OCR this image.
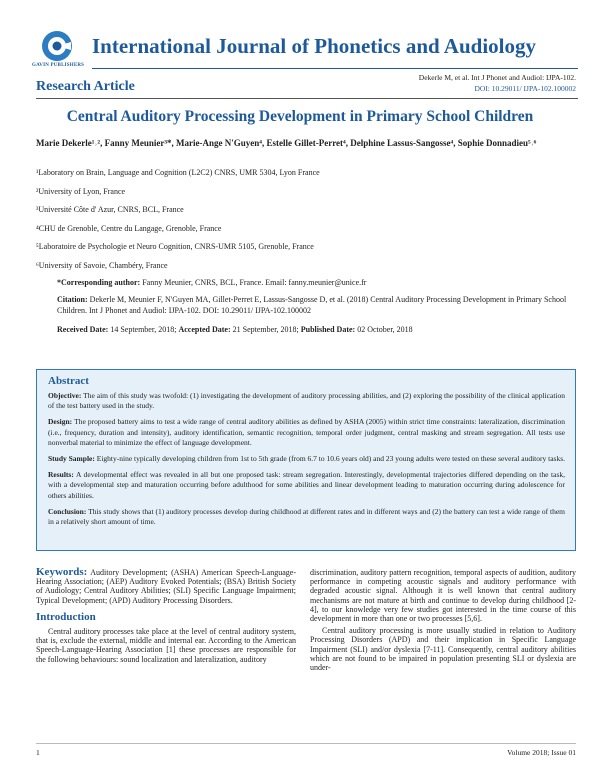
GAVIN PUBLISHERS
International Journal of Phonetics and Audiology
Research Article
Dekerle M, et al. Int J Phonet and Audiol: IJPA-102.
DOI: 10.29011/ IJPA-102.100002
Central Auditory Processing Development in Primary School Children
Marie Dekerle¹˒², Fanny Meunier³*, Marie-Ange N'Guyen⁴, Estelle Gillet-Perret⁴, Delphine Lassus-Sangosse⁴, Sophie Donnadieu⁵˒⁶
¹Laboratory on Brain, Language and Cognition (L2C2) CNRS, UMR 5304, Lyon France
²University of Lyon, France
³Université Côte d' Azur, CNRS, BCL, France
⁴CHU de Grenoble, Centre du Langage, Grenoble, France
⁵Laboratoire de Psychologie et Neuro Cognition, CNRS-UMR 5105, Grenoble, France
⁶University of Savoie, Chambéry, France
*Corresponding author: Fanny Meunier, CNRS, BCL, France. Email: fanny.meunier@unice.fr
Citation: Dekerle M, Meunier F, N'Guyen MA, Gillet-Perret E, Lassus-Sangosse D, et al. (2018) Central Auditory Processing Development in Primary School Children. Int J Phonet and Audiol: IJPA-102. DOI: 10.29011/ IJPA-102.100002
Received Date: 14 September, 2018; Accepted Date: 21 September, 2018; Published Date: 02 October, 2018
Abstract

Objective: The aim of this study was twofold: (1) investigating the development of auditory processing abilities, and (2) exploring the possibility of the clinical application of the test battery used in the study.

Design: The proposed battery aims to test a wide range of central auditory abilities as defined by ASHA (2005) within strict time constraints: lateralization, discrimination (i.e., frequency, duration and intensity), auditory identification, semantic recognition, temporal order judgment, central masking and stream segregation. All tests use nonverbal material to minimize the effect of language development.

Study Sample: Eighty-nine typically developing children from 1st to 5th grade (from 6.7 to 10.6 years old) and 23 young adults were tested on these several auditory tasks.

Results: A developmental effect was revealed in all but one proposed task: stream segregation. Interestingly, developmental trajectories differed depending on the task, with a developmental step and maturation occurring before adulthood for some abilities and linear development leading to maturation occurring during adolescence for others abilities.

Conclusion: This study shows that (1) auditory processes develop during childhood at different rates and in different ways and (2) the battery can test a wide range of them in a relatively short amount of time.

Keywords: Auditory Development; (ASHA) American Speech-Language-Hearing Association; (AEP) Auditory Evoked Potentials; (BSA) British Society of Audiology; Central Auditory Abilities; (SLI) Specific Language Impairment; Typical Development; (APD) Auditory Processing Disorders.
Introduction

Central auditory processes take place at the level of central auditory system, that is, exclude the external, middle and internal ear. According to the American Speech-Language-Hearing Association [1] these processes are responsible for the following behaviours: sound localization and lateralization, auditory

discrimination, auditory pattern recognition, temporal aspects of audition, auditory performance in competing acoustic signals and auditory performance with degraded acoustic signal. Although it is well known that central auditory mechanisms are not mature at birth and continue to develop during childhood [2-4], to our knowledge very few studies got interested in the time course of this development in more than one or two processes [5,6].

Central auditory processing is more usually studied in relation to Auditory Processing Disorders (APD) and their implication in Specific Language Impairment (SLI) and/or dyslexia [7-11]. Consequently, central auditory abilities which are not found to be impaired in population presenting SLI or dyslexia are under-

1	Volume 2018; Issue 01
